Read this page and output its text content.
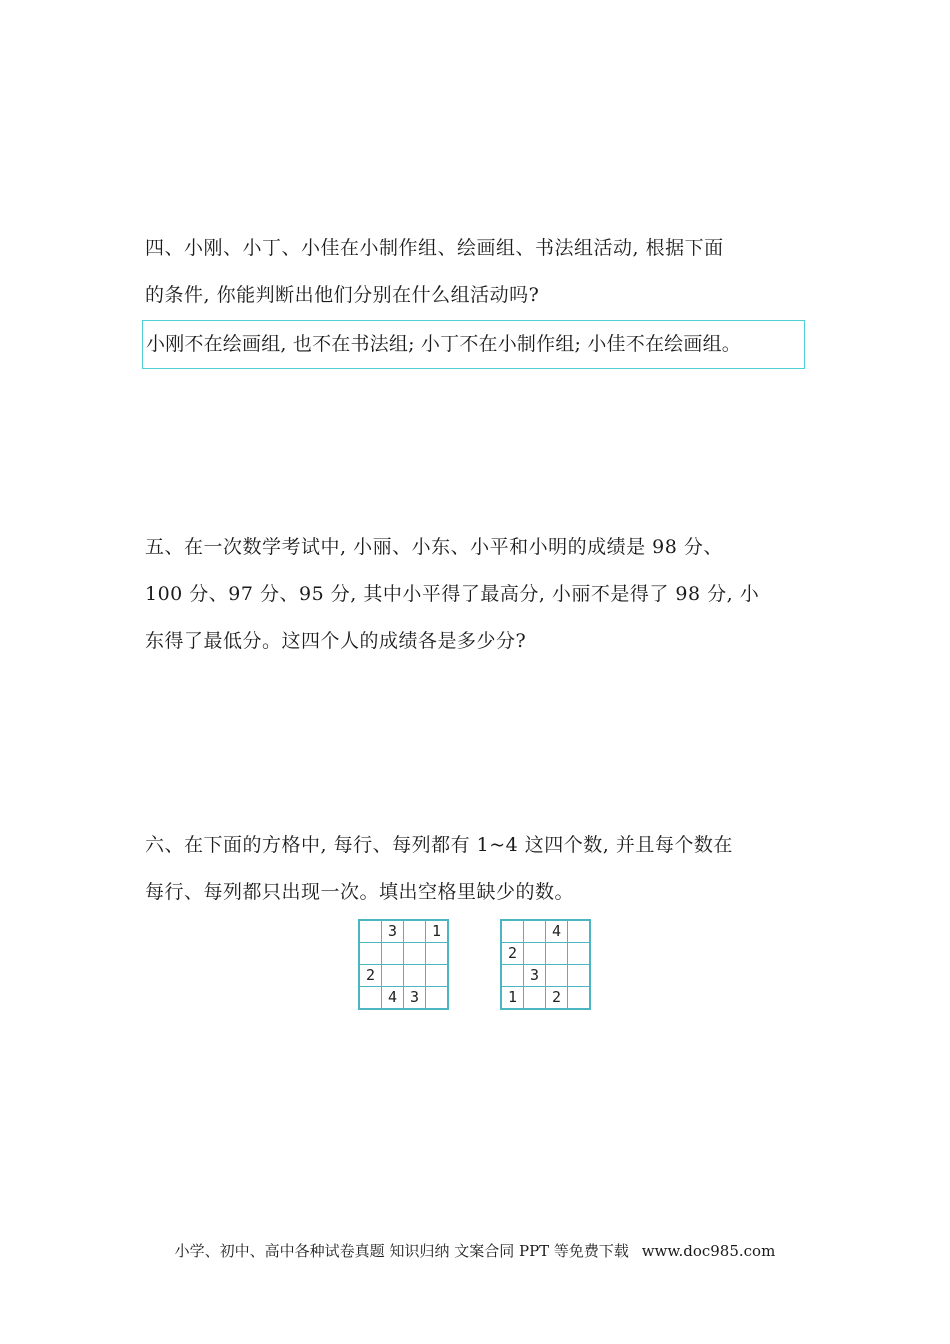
四、小刚、小丁、小佳在小制作组、绘画组、书法组活动, 根据下面

的条件, 你能判断出他们分别在什么组活动吗?

小刚不在绘画组, 也不在书法组; 小丁不在小制作组; 小佳不在绘画组。

五、在一次数学考试中, 小丽、小东、小平和小明的成绩是 98 分、

100 分、97 分、95 分, 其中小平得了最高分, 小丽不是得了 98 分, 小

东得了最低分。这四个人的成绩各是多少分?

六、在下面的方格中, 每行、每列都有 1~4 这四个数, 并且每个数在

每行、每列都只出现一次。填出空格里缺少的数。

	3		1

2			
	4	3	
		4	
2			
	3		
1		2	
小学、初中、高中各种试卷真题 知识归纳 文案合同 PPT 等免费下载 www.doc985.com
